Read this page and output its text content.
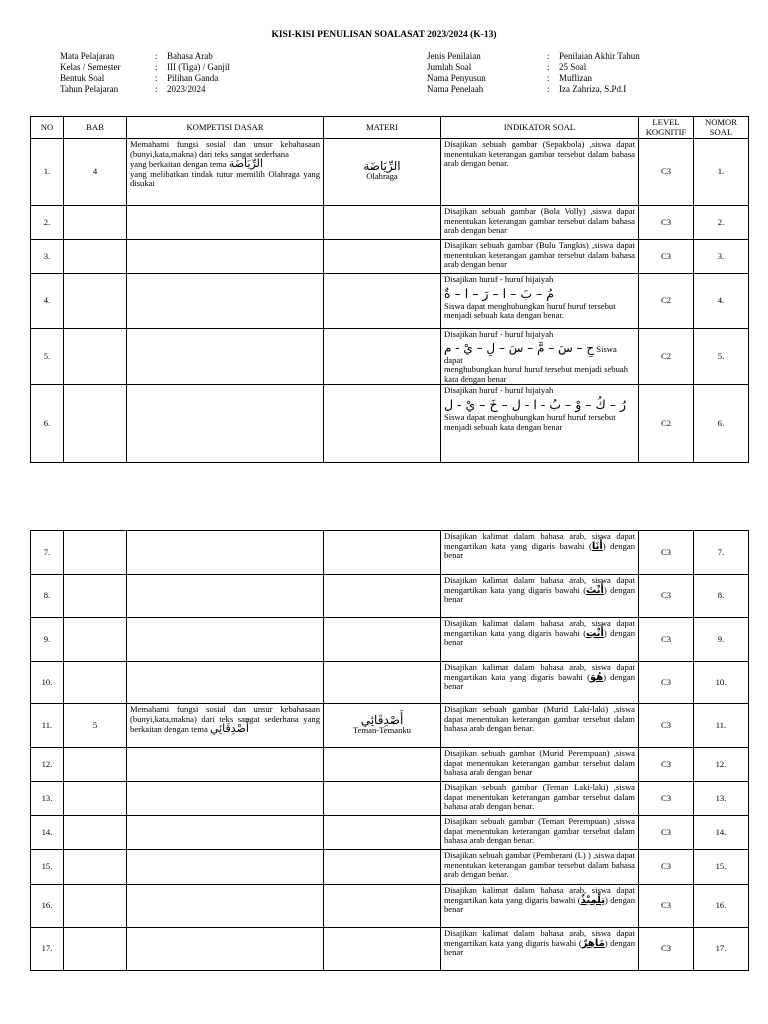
KISI-KISI PENULISAN SOALASAT 2023/2024 (K-13)
Mata Pelajaran	:	Bahasa Arab
Kelas / Semester	:	III (Tiga) / Ganjil
Bentuk Soal	:	Pilihan Ganda
Tahun Pelajaran	:	2023/2024
Jenis Penilaian	:	Penilaian Akhir Tahun
Jumlah Soal	:	25 Soal
Nama Penyusun	:	Muflizan
Nama Penelaah	:	Iza Zahriza, S.Pd.I
NO	BAB	KOMPETISI DASAR	MATERI	INDIKATOR SOAL	LEVEL KOGNITIF	NOMOR SOAL
1.	4	Memahami fungsi sosial dan unsur kebahasaan (bunyi,kata,makna) dari teks sangat sederhana
yang berkaitan dengan tema الرِّيَاضَة
yang melibatkan tindak tutur memilih Olahraga yang disukai	الرِّيَاضَة
Olahraga	Disajikan sebuah gambar (Sepakbola) ,siswa dapat menentukan keterangan gambar tersebut dalam bahasa arab dengan benar.	C3	1.
2.				Disajikan sebuah gambar (Bola Volly) ,siswa dapat menentukan keterangan gambar tersebut dalam bahasa arab dengan benar	C3	2.
3.				Disajikan sebuah gambar (Bulu Tangkis) ,siswa dapat menentukan keterangan gambar tersebut dalam bahasa arab dengan benar	C3	3.
4.				Disajikan huruf - huruf hijaiyah
مُ – بَ – ا – رَ – ا – ةٌ
Siswa dapat menghubungkan huruf huruf tersebut menjadi sebuah kata dengan benar.	C2	4.
5.				Disajikan huruf - huruf hijaiyah
حِ – سَ – مَّ – سَ – لِ – يْ - م Siswa dapat
menghubungkan huruf huruf tersebut menjadi sebuah kata dengan benar	C2	5.
6.				Disajikan huruf - huruf hijaiyah
رُ – كُ – وْ – بُ - ا - ل – خَ – يْ - ل
Siswa dapat menghubungkan huruf huruf tersebut menjadi sebuah kata dengan benar	C2	6.
7.				Disajikan kalimat dalam bahasa arab, siswa dapat mengartikan kata yang digaris bawahi (أَنَا) dengan benar	C3	7.
8.				Disajikan kalimat dalam bahasa arab, siswa dapat mengartikan kata yang digaris bawahi (أَنْتَ) dengan benar	C3	8.
9.				Disajikan kalimat dalam bahasa arab, siswa dapat mengartikan kata yang digaris bawahi (أَنْتِ) dengan benar	C3	9.
10.				Disajikan kalimat dalam bahasa arab, siswa dapat mengartikan kata yang digaris bawahi (هُوَ) dengan benar	C3	10.
11.	5	Memahami fungsi sosial dan unsur kebahasaan (bunyi,kata,makna) dari teks sangat sederhana yang berkaitan dengan tema أَصْدِقَائِي	أَصْدِقَائِي
Teman-Temanku	Disajikan sebuah gambar (Murid Laki-laki) ,siswa dapat menentukan keterangan gambar tersebut dalam bahasa arab dengan benar.	C3	11.
12.				Disajikan sebuah gambar (Murid Perempuan) ,siswa dapat menentukan keterangan gambar tersebut dalam bahasa arab dengan benar	C3	12.
13.				Disajikan sebuah gambar (Teman Laki-laki) ,siswa dapat menentukan keterangan gambar tersebut dalam bahasa arab dengan benar.	C3	13.
14.				Disajikan sebuah gambar (Teman Perempuan) ,siswa dapat menentukan keterangan gambar tersebut dalam bahasa arab dengan benar.	C3	14.
15.				Disajikan sebuah gambar (Pemberani (L) ) ,siswa dapat menentukan keterangan gambar tersebut dalam bahasa arab dengan benar.	C3	15.
16.				Disajikan kalimat dalam bahasa arab, siswa dapat mengartikan kata yang digaris bawahi (تِلْمِيْذٌ) dengan benar	C3	16.
17.				Disajikan kalimat dalam bahasa arab, siswa dapat mengartikan kata yang digaris bawahi (مَاهِرٌ) dengan benar	C3	17.
